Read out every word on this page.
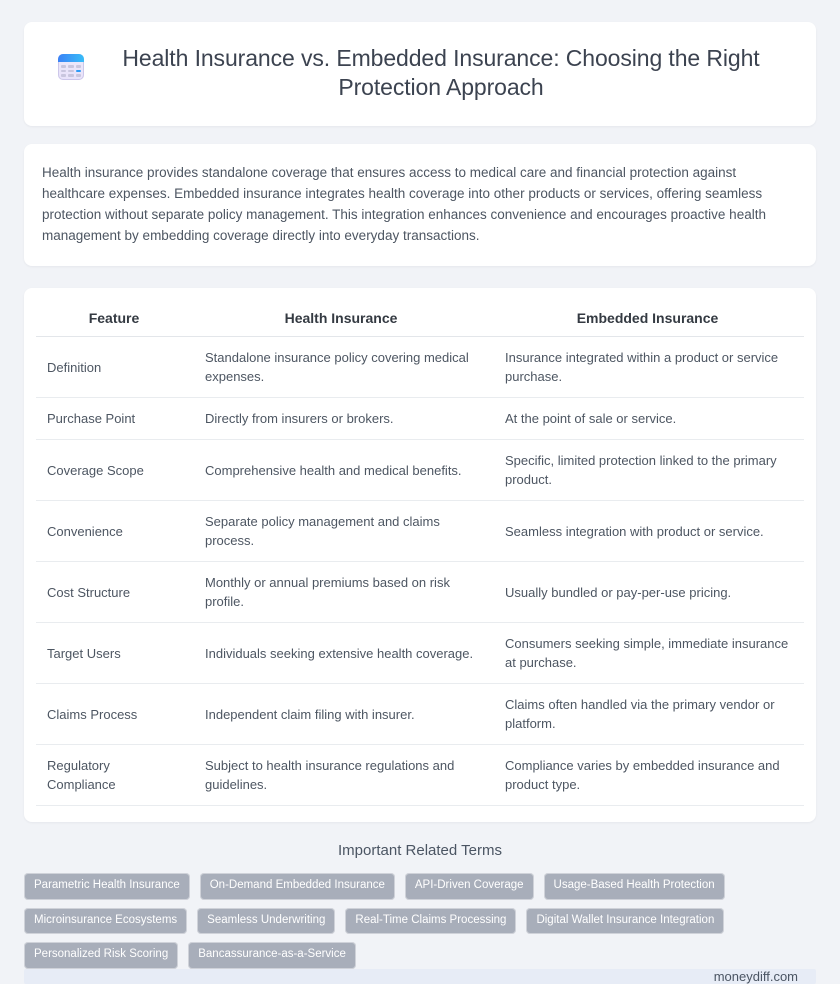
Health Insurance vs. Embedded Insurance: Choosing the Right Protection Approach

Health insurance provides standalone coverage that ensures access to medical care and financial protection against healthcare expenses. Embedded insurance integrates health coverage into other products or services, offering seamless protection without separate policy management. This integration enhances convenience and encourages proactive health management by embedding coverage directly into everyday transactions.

Feature	Health Insurance	Embedded Insurance
Definition	Standalone insurance policy covering medical expenses.	Insurance integrated within a product or service purchase.
Purchase Point	Directly from insurers or brokers.	At the point of sale or service.
Coverage Scope	Comprehensive health and medical benefits.	Specific, limited protection linked to the primary product.
Convenience	Separate policy management and claims process.	Seamless integration with product or service.
Cost Structure	Monthly or annual premiums based on risk profile.	Usually bundled or pay-per-use pricing.
Target Users	Individuals seeking extensive health coverage.	Consumers seeking simple, immediate insurance at purchase.
Claims Process	Independent claim filing with insurer.	Claims often handled via the primary vendor or platform.
Regulatory Compliance	Subject to health insurance regulations and guidelines.	Compliance varies by embedded insurance and product type.
Important Related Terms
Parametric Health Insurance	On-Demand Embedded Insurance	API-Driven Coverage	Usage-Based Health Protection
Microinsurance Ecosystems	Seamless Underwriting	Real-Time Claims Processing	Digital Wallet Insurance Integration
Personalized Risk Scoring	Bancassurance-as-a-Service
moneydiff.com
